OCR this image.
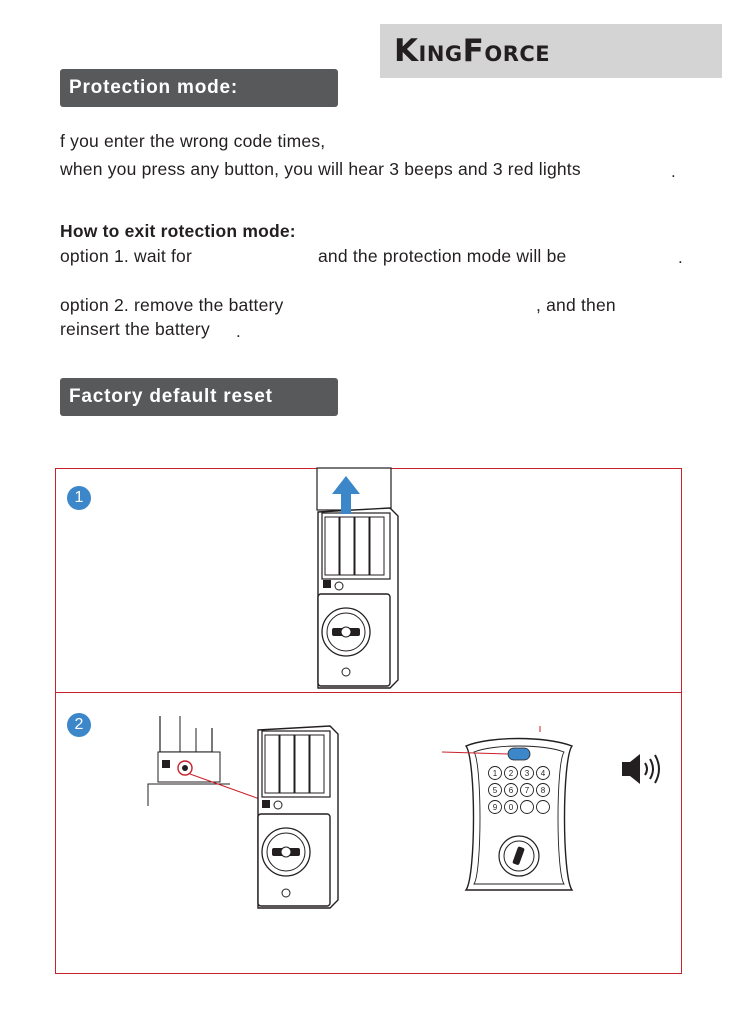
KINGFORCE
Protection mode:
f you enter the wrong code times,
when you press any button, you will hear 3 beeps and 3 red lights	.
How to exit rotection mode:
option 1. wait for	and the protection mode will be	.
option 2. remove the battery	, and then
reinsert the battery .
Factory default reset
1
2
1 2 3 4
5 6 7 8
9 0
